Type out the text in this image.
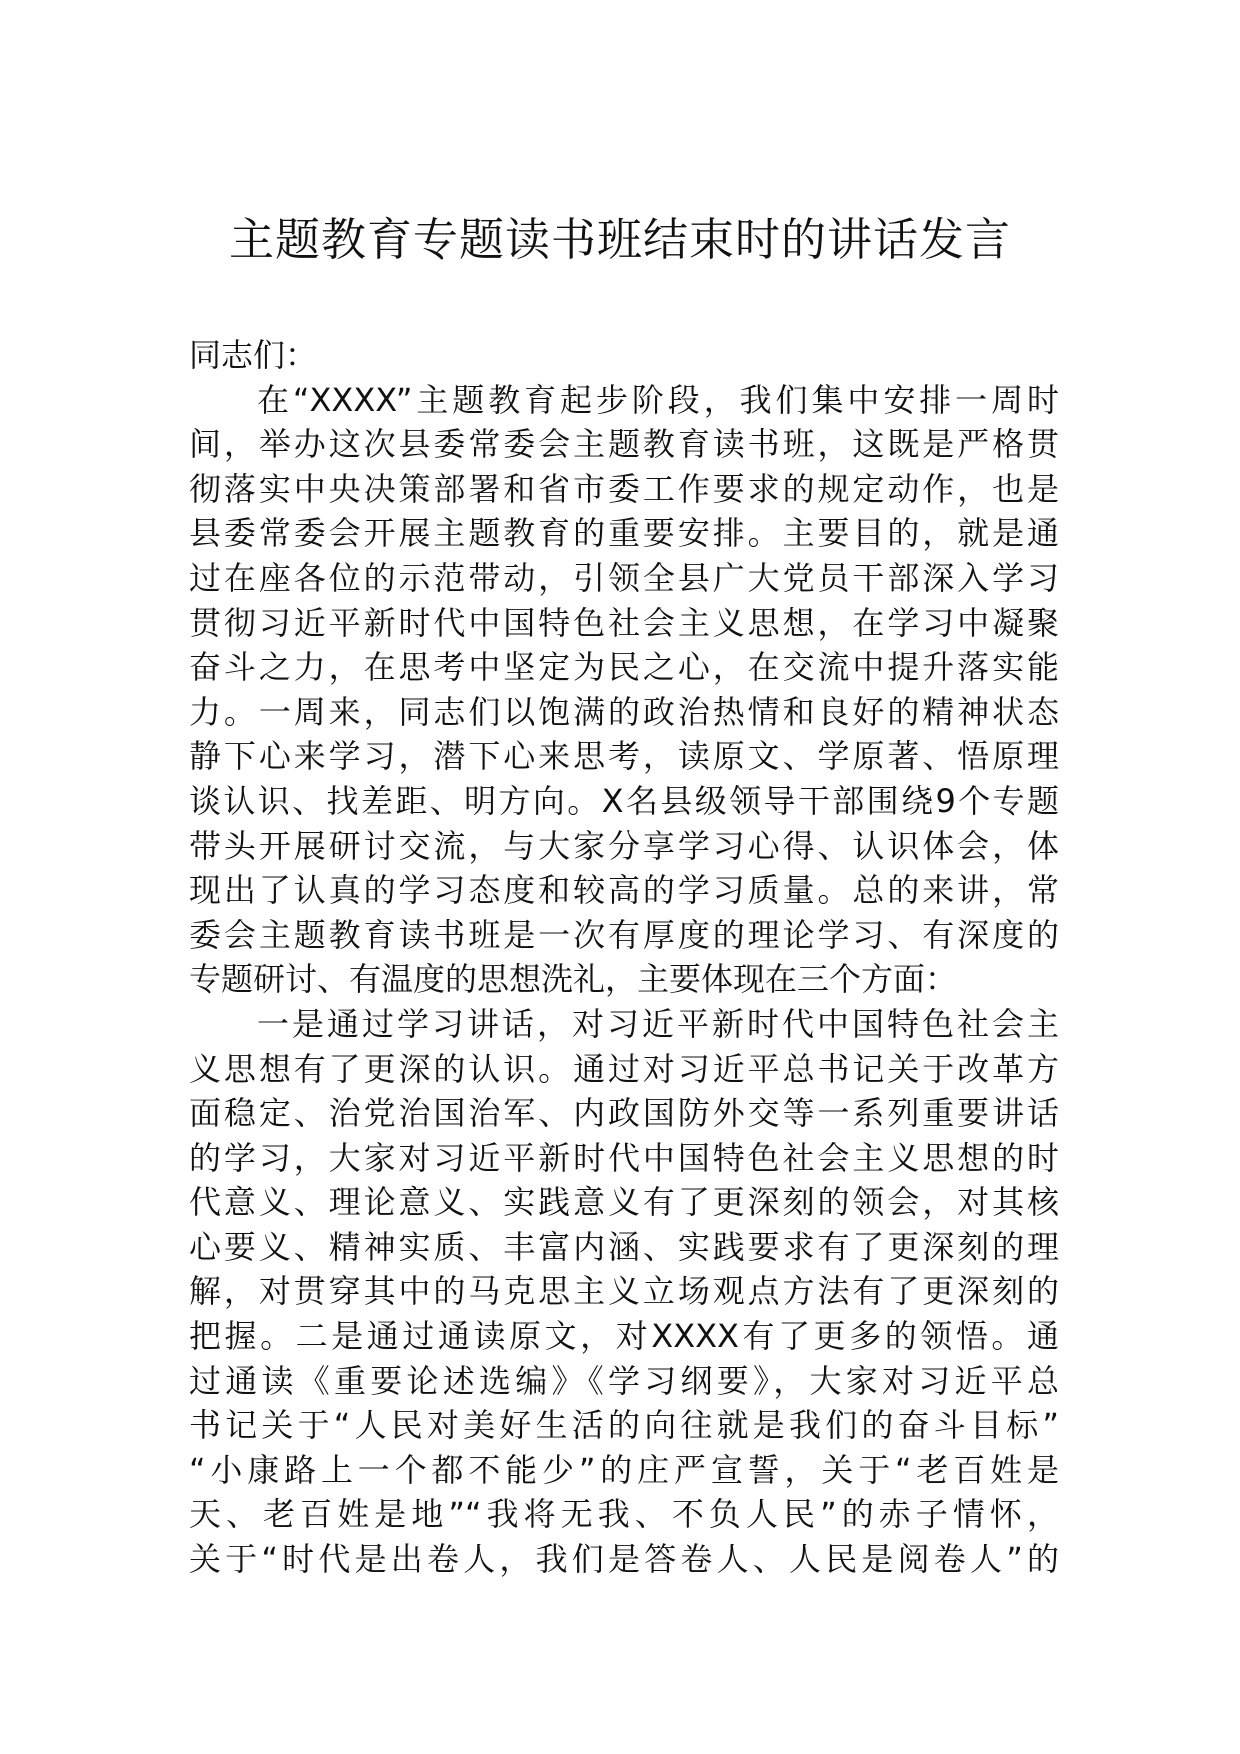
主题教育专题读书班结束时的讲话发言
同志们：
在“XXXX”主题教育起步阶段，我们集中安排一周时
间，举办这次县委常委会主题教育读书班，这既是严格贯
彻落实中央决策部署和省市委工作要求的规定动作，也是
县委常委会开展主题教育的重要安排。主要目的，就是通
过在座各位的示范带动，引领全县广大党员干部深入学习
贯彻习近平新时代中国特色社会主义思想，在学习中凝聚
奋斗之力，在思考中坚定为民之心，在交流中提升落实能
力。一周来，同志们以饱满的政治热情和良好的精神状态
静下心来学习，潜下心来思考，读原文、学原著、悟原理
谈认识、找差距、明方向。X名县级领导干部围绕9个专题
带头开展研讨交流，与大家分享学习心得、认识体会，体
现出了认真的学习态度和较高的学习质量。总的来讲，常
委会主题教育读书班是一次有厚度的理论学习、有深度的
专题研讨、有温度的思想洗礼，主要体现在三个方面：
一是通过学习讲话，对习近平新时代中国特色社会主
义思想有了更深的认识。通过对习近平总书记关于改革方
面稳定、治党治国治军、内政国防外交等一系列重要讲话
的学习，大家对习近平新时代中国特色社会主义思想的时
代意义、理论意义、实践意义有了更深刻的领会，对其核
心要义、精神实质、丰富内涵、实践要求有了更深刻的理
解，对贯穿其中的马克思主义立场观点方法有了更深刻的
把握。二是通过通读原文，对XXXX有了更多的领悟。通
过通读《重要论述选编》《学习纲要》，大家对习近平总
书记关于“人民对美好生活的向往就是我们的奋斗目标”
“小康路上一个都不能少”的庄严宣誓，关于“老百姓是
天、老百姓是地”“我将无我、不负人民”的赤子情怀，
关于“时代是出卷人，我们是答卷人、人民是阅卷人”的
